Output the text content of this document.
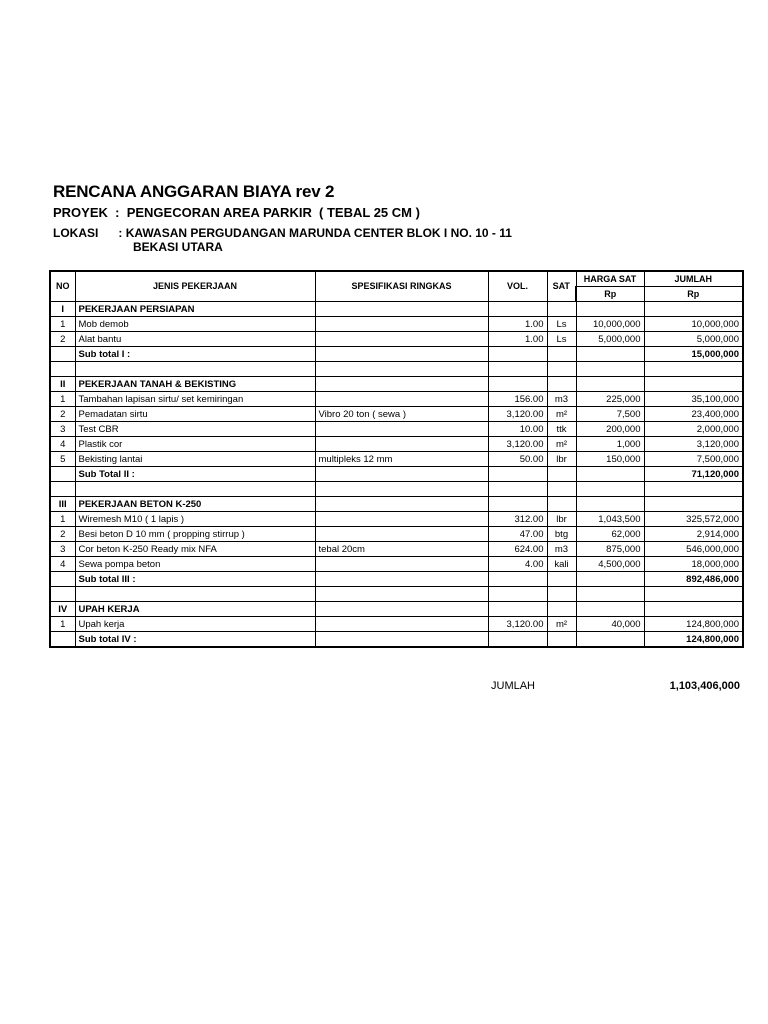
RENCANA ANGGARAN BIAYA rev 2
PROYEK  :  PENGECORAN AREA PARKIR  ( TEBAL 25 CM )
LOKASI      : KAWASAN PERGUDANGAN MARUNDA CENTER BLOK I NO. 10 - 11
BEKASI UTARA
NO	JENIS PEKERJAAN	SPESIFIKASI RINGKAS	VOL.	SAT	HARGA SAT	JUMLAH
					Rp	Rp
I	PEKERJAAN PERSIAPAN					
1	Mob demob		1.00	Ls	10,000,000	10,000,000
2	Alat bantu		1.00	Ls	5,000,000	5,000,000
	Sub total I :					15,000,000

II	PEKERJAAN TANAH & BEKISTING					
1	Tambahan lapisan sirtu/ set kemiringan		156.00	m3	225,000	35,100,000
2	Pemadatan sirtu	Vibro 20 ton ( sewa )	3,120.00	m²	7,500	23,400,000
3	Test CBR		10.00	ttk	200,000	2,000,000
4	Plastik cor		3,120.00	m²	1,000	3,120,000
5	Bekisting lantai	multipleks 12 mm	50.00	lbr	150,000	7,500,000
	Sub Total II :					71,120,000

III	PEKERJAAN BETON K-250					
1	Wiremesh M10 ( 1 lapis )		312.00	lbr	1,043,500	325,572,000
2	Besi beton D 10 mm ( propping stirrup )		47.00	btg	62,000	2,914,000
3	Cor beton K-250 Ready mix NFA	tebal 20cm	624.00	m3	875,000	546,000,000
4	Sewa pompa beton		4.00	kali	4,500,000	18,000,000
	Sub total III :					892,486,000

IV	UPAH KERJA					
1	Upah kerja		3,120.00	m²	40,000	124,800,000
	Sub total IV :					124,800,000
JUMLAH	1,103,406,000
